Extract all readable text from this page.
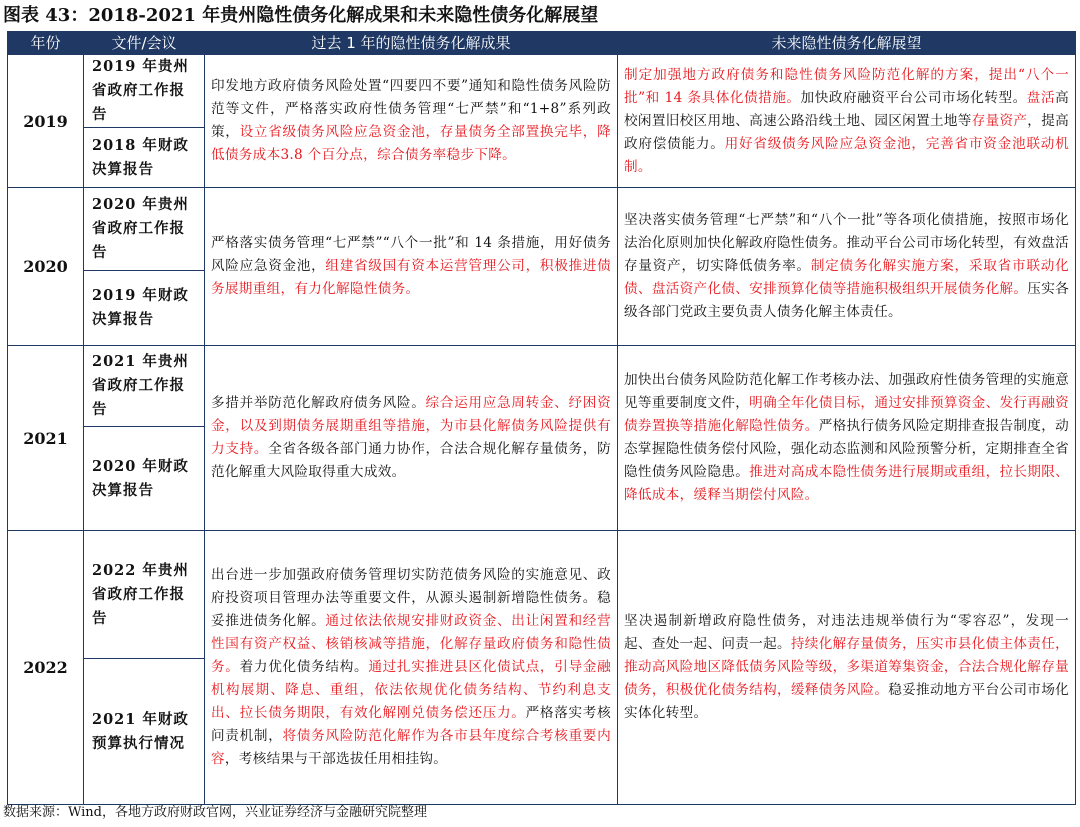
图表 43：2018-2021 年贵州隐性债务化解成果和未来隐性债务化解展望
年份	文件/会议	过去 1 年的隐性债务化解成果	未来隐性债务化解展望
2019	2019 年贵州省政府工作报告	印发地方政府债务风险处置“四要四不要”通知和隐性债务风险防范等文件，严格落实政府性债务管理“七严禁”和“1+8”系列政策，设立省级债务风险应急资金池，存量债务全部置换完毕，降低债务成本3.8 个百分点，综合债务率稳步下降。	制定加强地方政府债务和隐性债务风险防范化解的方案，提出“八个一批”和 14 条具体化债措施。加快政府融资平台公司市场化转型。盘活高校闲置旧校区用地、高速公路沿线土地、园区闲置土地等存量资产，提高政府偿债能力。用好省级债务风险应急资金池，完善省市资金池联动机制。
	2018 年财政决算报告		
2020	2020 年贵州省政府工作报告	严格落实债务管理“七严禁”“八个一批”和 14 条措施，用好债务风险应急资金池，组建省级国有资本运营管理公司，积极推进债务展期重组，有力化解隐性债务。	坚决落实债务管理“七严禁”和“八个一批”等各项化债措施，按照市场化法治化原则加快化解政府隐性债务。推动平台公司市场化转型，有效盘活存量资产，切实降低债务率。制定债务化解实施方案，采取省市联动化债、盘活资产化债、安排预算化债等措施积极组织开展债务化解。压实各级各部门党政主要负责人债务化解主体责任。
	2019 年财政决算报告		
2021	2021 年贵州省政府工作报告	多措并举防范化解政府债务风险。综合运用应急周转金、纾困资金，以及到期债务展期重组等措施，为市县化解债务风险提供有力支持。全省各级各部门通力协作，合法合规化解存量债务，防范化解重大风险取得重大成效。	加快出台债务风险防范化解工作考核办法、加强政府性债务管理的实施意见等重要制度文件，明确全年化债目标，通过安排预算资金、发行再融资债券置换等措施化解隐性债务。严格执行债务风险定期排查报告制度，动态掌握隐性债务偿付风险，强化动态监测和风险预警分析，定期排查全省隐性债务风险隐患。推进对高成本隐性债务进行展期或重组，拉长期限、降低成本，缓释当期偿付风险。
	2020 年财政决算报告		
2022	2022 年贵州省政府工作报告	出台进一步加强政府债务管理切实防范债务风险的实施意见、政府投资项目管理办法等重要文件，从源头遏制新增隐性债务。稳妥推进债务化解。通过依法依规安排财政资金、出让闲置和经营性国有资产权益、核销核减等措施，化解存量政府债务和隐性债务。着力优化债务结构。通过扎实推进县区化债试点，引导金融机构展期、降息、重组，依法依规优化债务结构、节约利息支出、拉长债务期限，有效化解刚兑债务偿还压力。严格落实考核问责机制，将债务风险防范化解作为各市县年度综合考核重要内容，考核结果与干部选拔任用相挂钩。	坚决遏制新增政府隐性债务，对违法违规举债行为“零容忍”，发现一起、查处一起、问责一起。持续化解存量债务，压实市县化债主体责任，推动高风险地区降低债务风险等级，多渠道筹集资金，合法合规化解存量债务，积极优化债务结构，缓释债务风险。稳妥推动地方平台公司市场化实体化转型。
	2021 年财政预算执行情况		
数据来源：Wind，各地方政府财政官网，兴业证券经济与金融研究院整理
